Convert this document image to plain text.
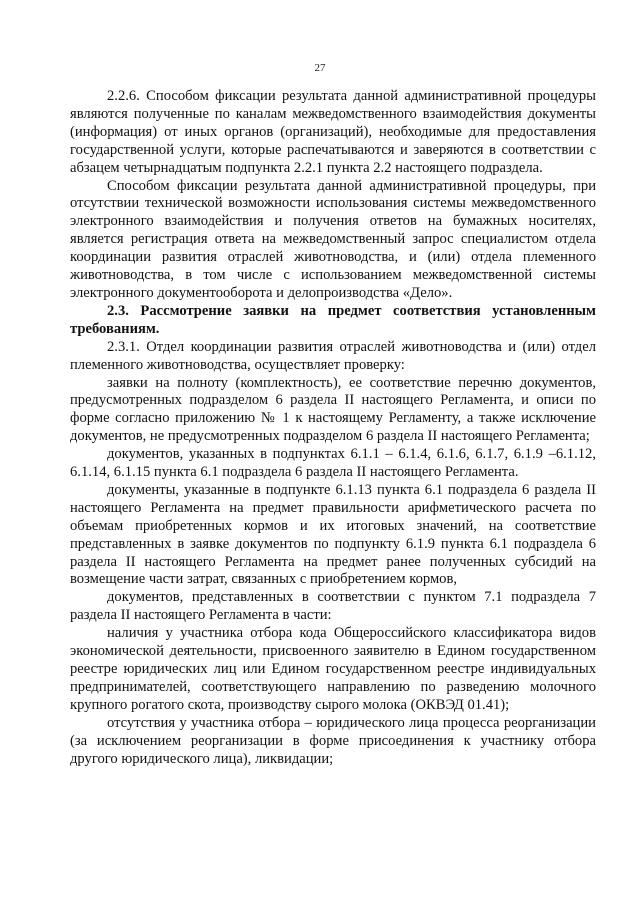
27

2.2.6. Способом фиксации результата данной административной процедуры являются полученные по каналам межведомственного взаимодействия документы (информация) от иных органов (организаций), необходимые для предоставления государственной услуги, которые распечатываются и заверяются в соответствии с абзацем четырнадцатым подпункта 2.2.1 пункта 2.2 настоящего подраздела.

Способом фиксации результата данной административной процедуры, при отсутствии технической возможности использования системы межведомственного электронного взаимодействия и получения ответов на бумажных носителях, является регистрация ответа на межведомственный запрос специалистом отдела координации развития отраслей животноводства, и (или) отдела племенного животноводства, в том числе с использованием межведомственной системы электронного документооборота и делопроизводства «Дело».

2.3. Рассмотрение заявки на предмет соответствия установленным требованиям.

2.3.1. Отдел координации развития отраслей животноводства и (или) отдел племенного животноводства, осуществляет проверку:

заявки на полноту (комплектность), ее соответствие перечню документов, предусмотренных подразделом 6 раздела II настоящего Регламента, и описи по форме согласно приложению № 1 к настоящему Регламенту, а также исключение документов, не предусмотренных подразделом 6 раздела II настоящего Регламента;

документов, указанных в подпунктах 6.1.1 – 6.1.4, 6.1.6, 6.1.7, 6.1.9 –6.1.12, 6.1.14, 6.1.15 пункта 6.1 подраздела 6 раздела II настоящего Регламента.

документы, указанные в подпункте 6.1.13 пункта 6.1 подраздела 6 раздела II настоящего Регламента на предмет правильности арифметического расчета по объемам приобретенных кормов и их итоговых значений, на соответствие представленных в заявке документов по подпункту 6.1.9 пункта 6.1 подраздела 6 раздела II настоящего Регламента на предмет ранее полученных субсидий на возмещение части затрат, связанных с приобретением кормов,

документов, представленных в соответствии с пунктом 7.1 подраздела 7 раздела II настоящего Регламента в части:

наличия у участника отбора кода Общероссийского классификатора видов экономической деятельности, присвоенного заявителю в Едином государственном реестре юридических лиц или Едином государственном реестре индивидуальных предпринимателей, соответствующего направлению по разведению молочного крупного рогатого скота, производству сырого молока (ОКВЭД 01.41);

отсутствия у участника отбора – юридического лица процесса реорганизации (за исключением реорганизации в форме присоединения к участнику отбора другого юридического лица), ликвидации;
